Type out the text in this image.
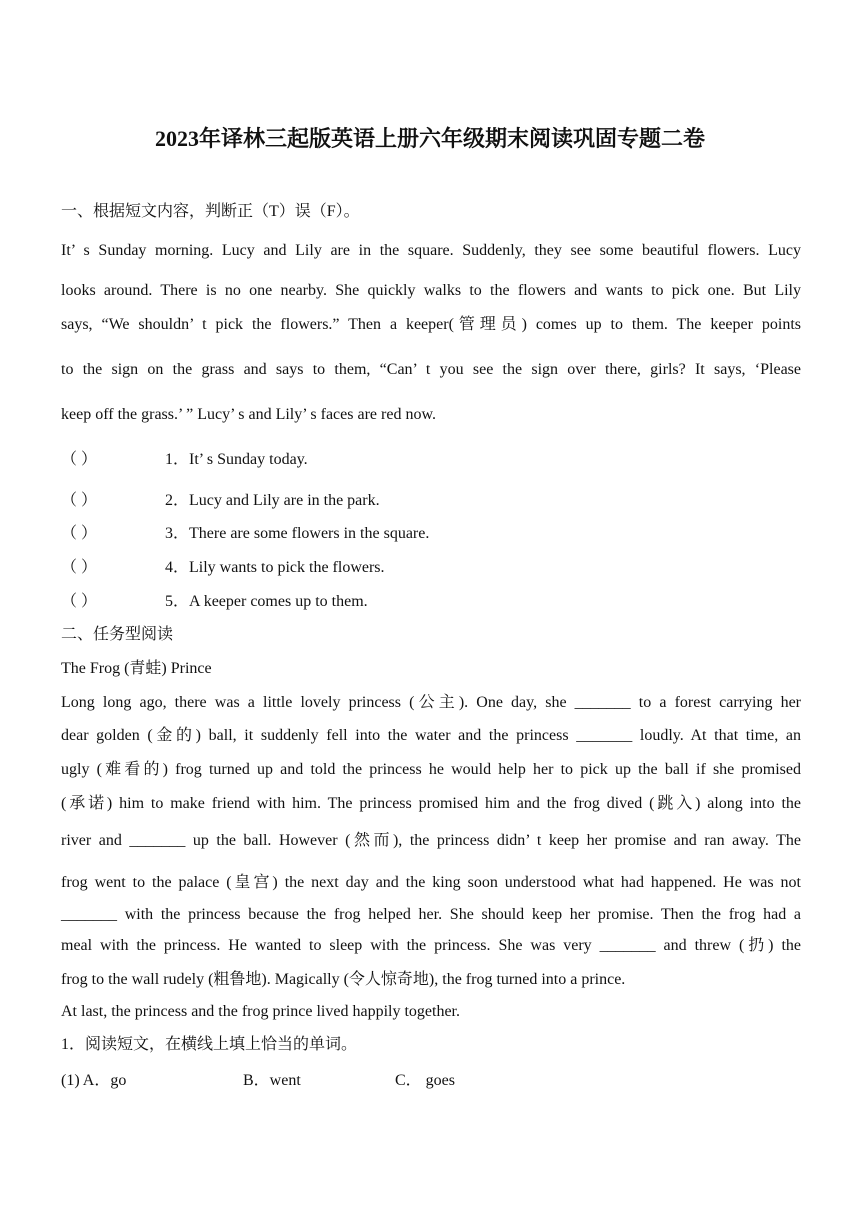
2023年译林三起版英语上册六年级期末阅读巩固专题二卷
一、根据短文内容，判断正（T）误（F）。
It’ s Sunday morning. Lucy and Lily are in the square. Suddenly, they see some beautiful flowers. Lucy
looks around. There is no one nearby. She quickly walks to the flowers and wants to pick one. But Lily
says, “We shouldn’ t pick the flowers.” Then a keeper(管理员) comes up to them. The keeper points
to the sign on the grass and says to them, “Can’ t you see the sign over there, girls? It says, ‘Please
keep off the grass.’ ” Lucy’ s and Lily’ s faces are red now.
（ ）	1．It’ s Sunday today.
（ ）	2．Lucy and Lily are in the park.
（ ）	3．There are some flowers in the square.
（ ）	4．Lily wants to pick the flowers.
（ ）	5．A keeper comes up to them.
二、任务型阅读
The Frog (青蛙) Prince
Long long ago, there was a little lovely princess (公主). One day, she _______ to a forest carrying her
dear golden (金的) ball, it suddenly fell into the water and the princess _______ loudly. At that time, an
ugly (难看的) frog turned up and told the princess he would help her to pick up the ball if she promised
(承诺) him to make friend with him. The princess promised him and the frog dived (跳入) along into the
river and _______ up the ball. However (然而), the princess didn’ t keep her promise and ran away. The
frog went to the palace (皇宫) the next day and the king soon understood what had happened. He was not
_______ with the princess because the frog helped her. She should keep her promise. Then the frog had a
meal with the princess. He wanted to sleep with the princess. She was very _______ and threw (扔) the
frog to the wall rudely (粗鲁地). Magically (令人惊奇地), the frog turned into a prince.
At last, the princess and the frog prince lived happily together.
1．阅读短文，在横线上填上恰当的单词。
(1) A．go	B．went	C． goes
